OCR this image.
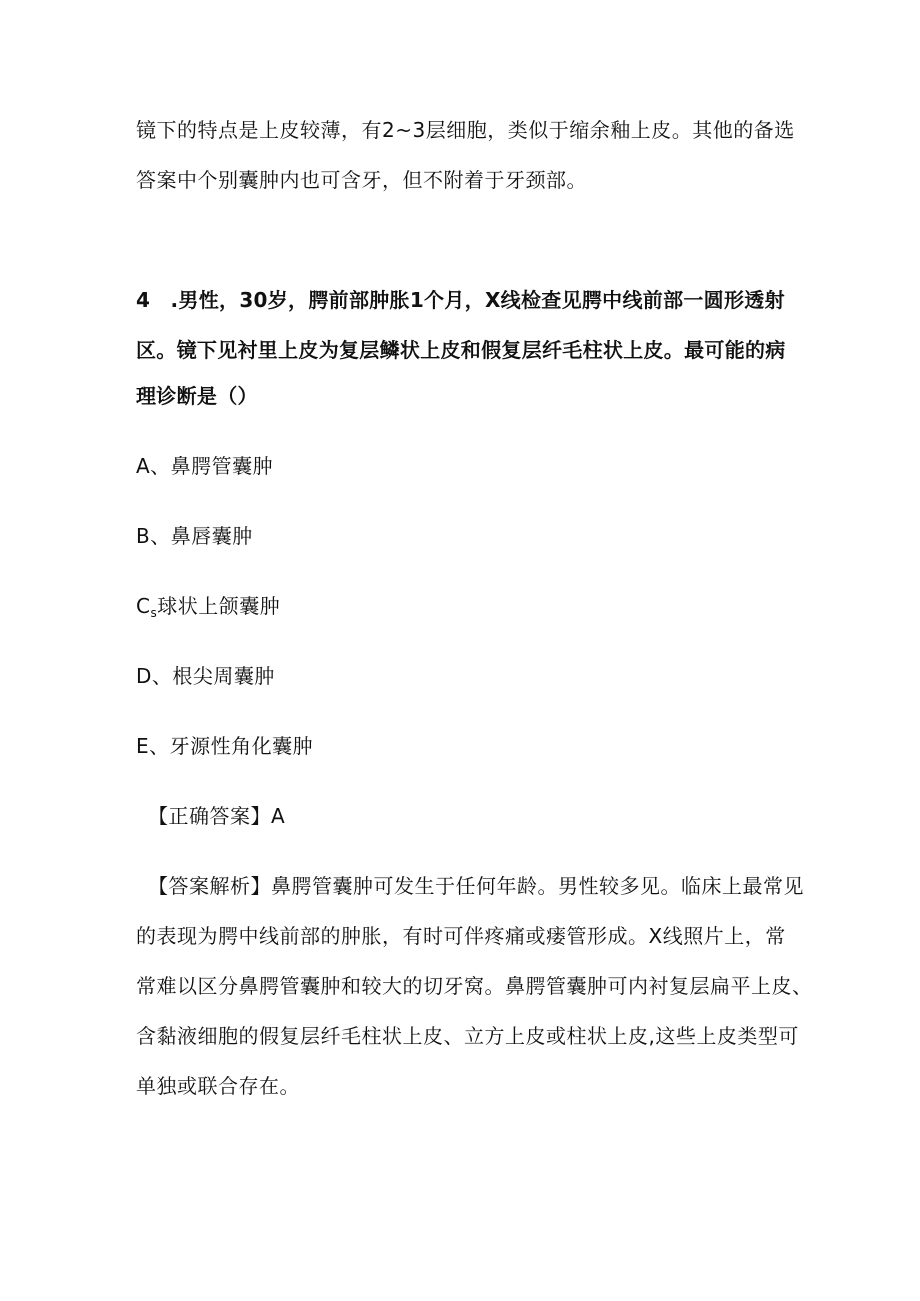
镜下的特点是上皮较薄，有2~3层细胞，类似于缩余釉上皮。其他的备选
答案中个别囊肿内也可含牙，但不附着于牙颈部。
4　.男性，30岁，腭前部肿胀1个月，X线检查见腭中线前部一圆形透射
区。镜下见衬里上皮为复层鳞状上皮和假复层纤毛柱状上皮。最可能的病
理诊断是（）
A、鼻腭管囊肿
B、鼻唇囊肿
$C_s$球状上颌囊肿
D、根尖周囊肿
E、牙源性角化囊肿
【正确答案】A
【答案解析】鼻腭管囊肿可发生于任何年龄。男性较多见。临床上最常见
的表现为腭中线前部的肿胀，有时可伴疼痛或瘘管形成。X线照片上，常
常难以区分鼻腭管囊肿和较大的切牙窝。鼻腭管囊肿可内衬复层扁平上皮、
含黏液细胞的假复层纤毛柱状上皮、立方上皮或柱状上皮,这些上皮类型可
单独或联合存在。
